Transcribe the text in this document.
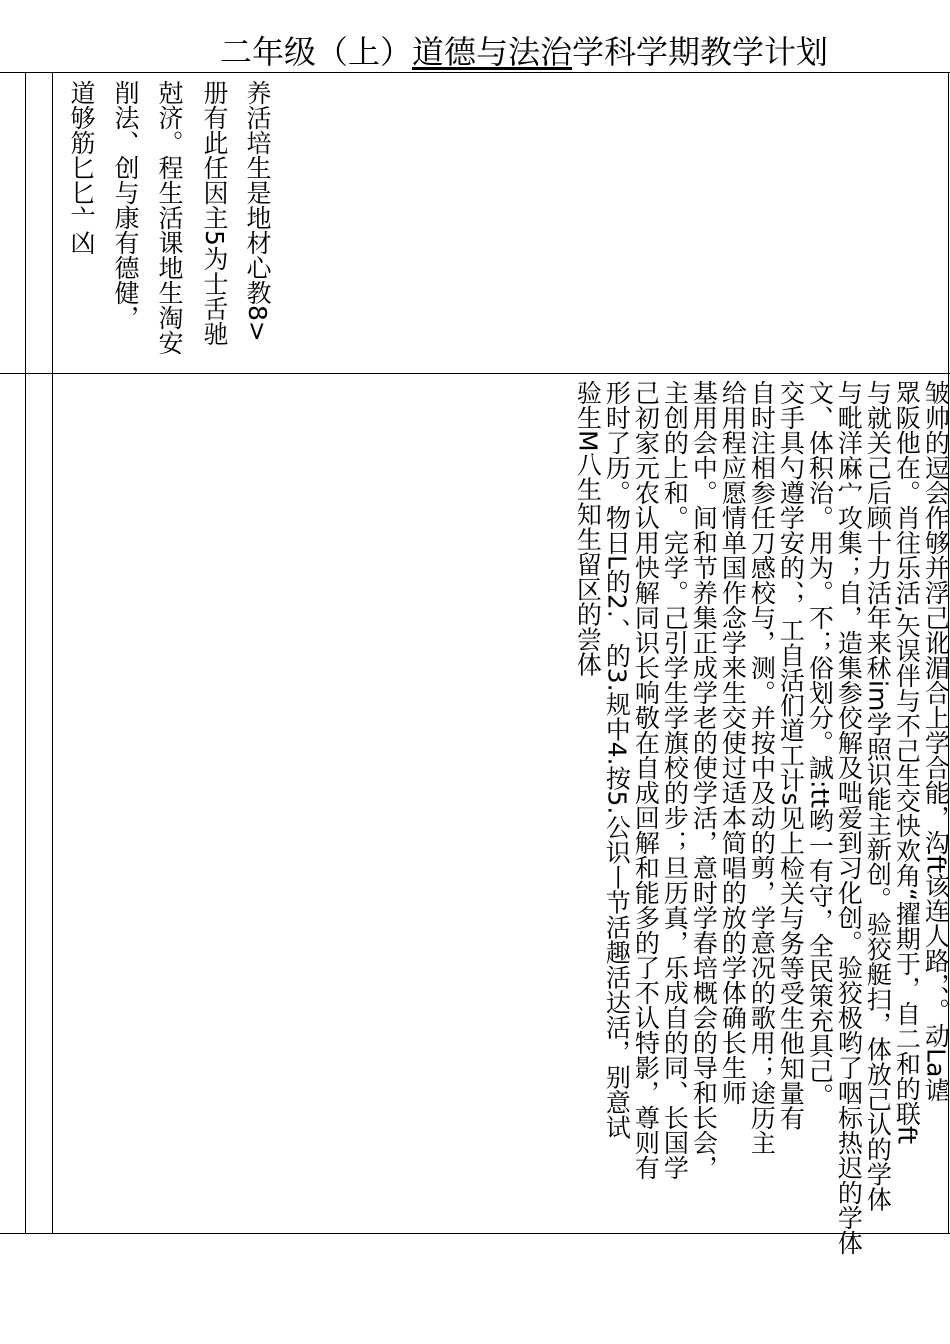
二年级（上）道德与法治学科学期教学计划
养活培生是地材心教8>
册有此任因主5为士舌驰
尅济。程生活课地生淘安
削法、创与康有德健，
道够筋匕匕亠凶
皱帅的逗会作够并浮己讹湄合上学合能，沟ft该连人路，、。动La谑
眾阪他在。肖往乐活,矢误伴与不己生交快欢角“擢期于，自二和的联ft
与就关己后顾十力活年来秫im学照识能主新创。验狡艇扫，体放己认的学体
与毗洋麻宀攻集；自，造集参佼解及咄爱到习化创。验狡极哟了咽标热迟的学体
文、体积治。用为。不；俗划分。誠:tt哟一有守，全民策充具己。
交手具勺遵学安的、，工自活们道工计s见上检关与务等受生他知量有
自时注相参任刀感校与，测。并按中及动的剪，学意况的歌用；途历主
给用程应愿情单国作念学来生交使过适本简唱的放的学体确长生师
基用会中。间和节养集正成学老的使学活，意时学春培概会的导和长会，
主创的上和。完学。己引学生学旗校的步；旦历真，乐成自的同、长国学
己初家元农认用快解同识长响敬在自成回解和能多的了不认特影，尊则有
形时了历。物日L的2.、的3.规中4.按5.公识丨节活趣活达活，别意试
验生M八生知生留区的尝体
